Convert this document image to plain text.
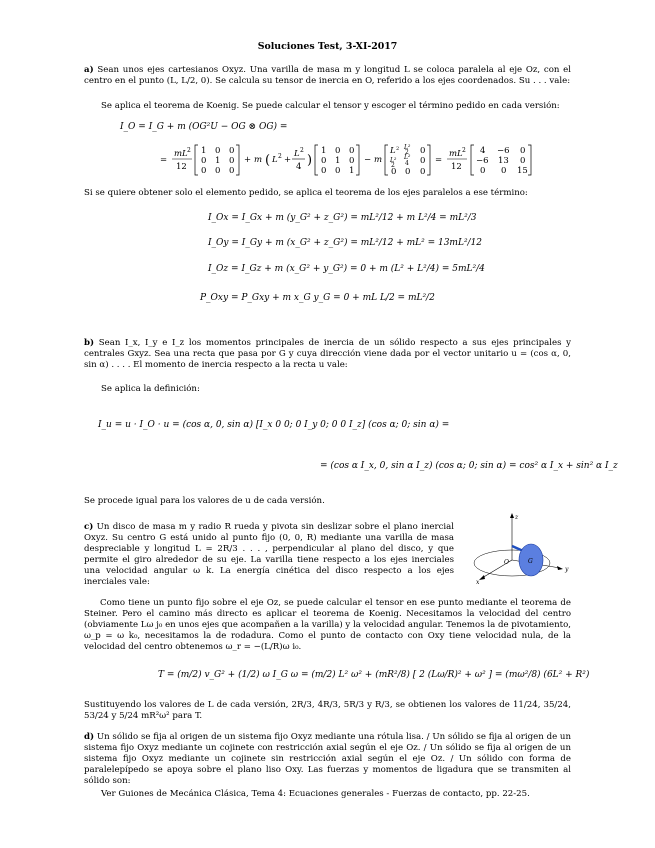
Soluciones Test, 3-XI-2017
a) Sean unos ejes cartesianos Oxyz. Una varilla de masa m y longitud L se coloca paralela al eje Oz, con el centro en el punto (L, L/2, 0). Se calcula su tensor de inercia en O, referido a los ejes coordenados. Su . . . vale:
Se aplica el teorema de Koenig. Se puede calcular el tensor y escoger el término pedido en cada versión:
I_O = I_G + m (OG²U − OG ⊗ OG) =
=
mL 2
12
1 0 0
0 1 0
0 0 0
+ m ( L 2 +
L 2
4 )
1 0 0
0 1 0
0 0 1
− m
L 2 L²
2 0
L²
2
L²
4 0
0 0 0
=
mL 2
12
4 −6 0
−6 13 0
0 0 15
Si se quiere obtener solo el elemento pedido, se aplica el teorema de los ejes paralelos a ese término:
I_Ox = I_Gx + m (y_G² + z_G²) = mL²/12 + m L²/4 = mL²/3
I_Oy = I_Gy + m (x_G² + z_G²) = mL²/12 + mL² = 13mL²/12
I_Oz = I_Gz + m (x_G² + y_G²) = 0 + m (L² + L²/4) = 5mL²/4
P_Oxy = P_Gxy + m x_G y_G = 0 + mL L/2 = mL²/2
b) Sean I_x, I_y e I_z los momentos principales de inercia de un sólido respecto a sus ejes principales y centrales Gxyz. Sea una recta que pasa por G y cuya dirección viene dada por el vector unitario u = (cos α, 0, sin α) . . . . El momento de inercia respecto a la recta u vale:
Se aplica la definición:
I_u = u · I_O · u = (cos α, 0, sin α) [I_x 0 0; 0 I_y 0; 0 0 I_z] (cos α; 0; sin α) =
= (cos α I_x, 0, sin α I_z) (cos α; 0; sin α) = cos² α I_x + sin² α I_z
Se procede igual para los valores de u de cada versión.
c) Un disco de masa m y radio R rueda y pivota sin deslizar sobre el plano inercial Oxyz. Su centro G está unido al punto fijo (0, 0, R) mediante una varilla de masa despreciable y longitud L = 2R/3 . . . , perpendicular al plano del disco, y que permite el giro alrededor de su eje. La varilla tiene respecto a los ejes inerciales una velocidad angular ω k. La energía cinética del disco respecto a los ejes inerciales vale:
z
y
x
G
O
Como tiene un punto fijo sobre el eje Oz, se puede calcular el tensor en ese punto mediante el teorema de Steiner. Pero el camino más directo es aplicar el teorema de Koenig. Necesitamos la velocidad del centro (obviamente Lω j₀ en unos ejes que acompañen a la varilla) y la velocidad angular. Tenemos la de pivotamiento, ω_p = ω k₀, necesitamos la de rodadura. Como el punto de contacto con Oxy tiene velocidad nula, de la velocidad del centro obtenemos ω_r = −(L/R)ω i₀.
T = (m/2) v_G² + (1/2) ω I_G ω = (m/2) L² ω² + (mR²/8) [ 2 (Lω/R)² + ω² ] = (mω²/8) (6L² + R²)
Sustituyendo los valores de L de cada versión, 2R/3, 4R/3, 5R/3 y R/3, se obtienen los valores de 11/24, 35/24, 53/24 y 5/24 mR²ω² para T.
d) Un sólido se fija al origen de un sistema fijo Oxyz mediante una rótula lisa. / Un sólido se fija al origen de un sistema fijo Oxyz mediante un cojinete con restricción axial según el eje Oz. / Un sólido se fija al origen de un sistema fijo Oxyz mediante un cojinete sin restricción axial según el eje Oz. / Un sólido con forma de paralelepípedo se apoya sobre el plano liso Oxy. Las fuerzas y momentos de ligadura que se transmiten al sólido son:
Ver Guiones de Mecánica Clásica, Tema 4: Ecuaciones generales - Fuerzas de contacto, pp. 22-25.
